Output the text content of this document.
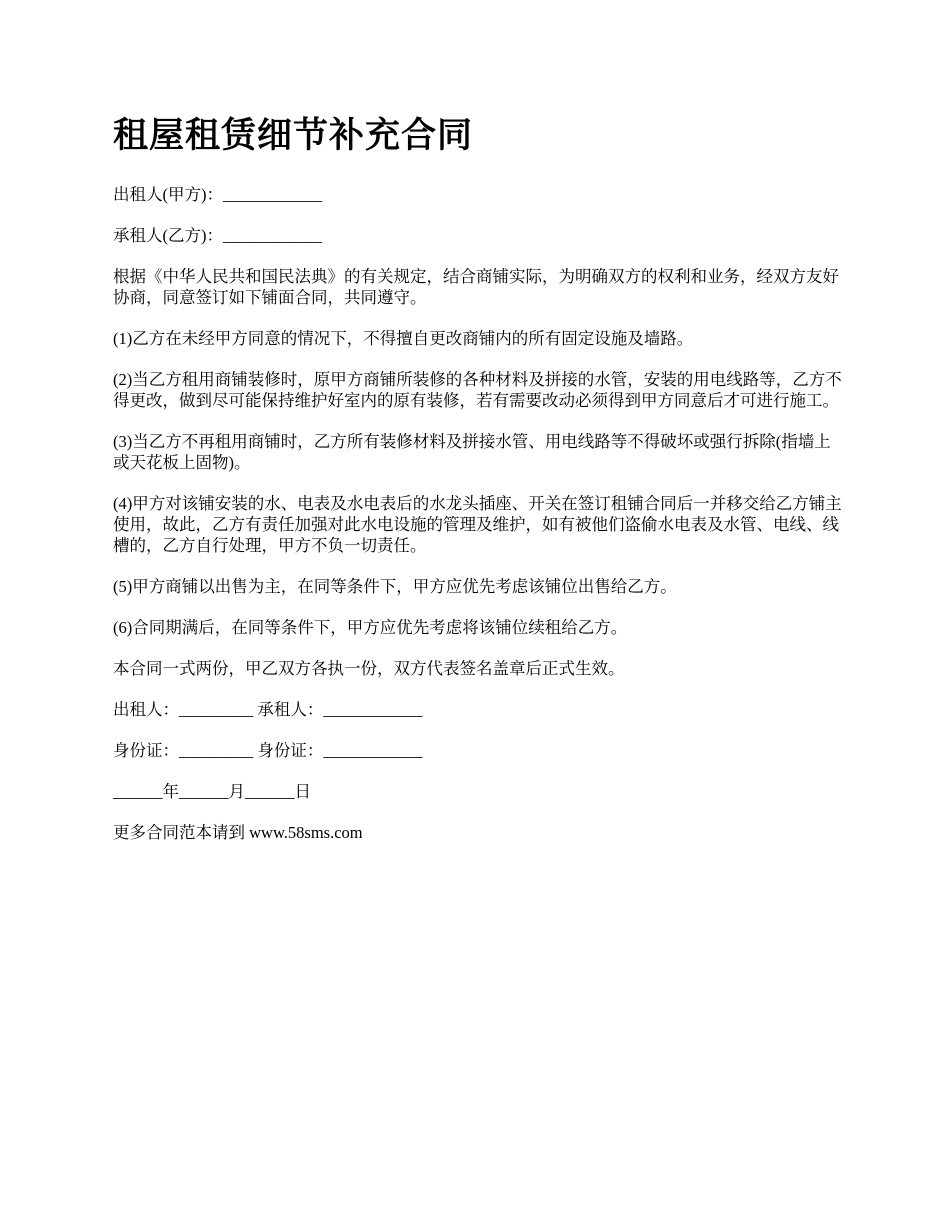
租屋租赁细节补充合同

出租人(甲方)：____________

承租人(乙方)：____________

根据《中华人民共和国民法典》的有关规定，结合商铺实际，为明确双方的权利和业务，经双方友好协商，同意签订如下铺面合同，共同遵守。

(1)乙方在未经甲方同意的情况下，不得擅自更改商铺内的所有固定设施及墙路。

(2)当乙方租用商铺装修时，原甲方商铺所装修的各种材料及拼接的水管，安装的用电线路等，乙方不得更改，做到尽可能保持维护好室内的原有装修，若有需要改动必须得到甲方同意后才可进行施工。

(3)当乙方不再租用商铺时，乙方所有装修材料及拼接水管、用电线路等不得破坏或强行拆除(指墙上或天花板上固物)。

(4)甲方对该铺安装的水、电表及水电表后的水龙头插座、开关在签订租铺合同后一并移交给乙方铺主使用，故此，乙方有责任加强对此水电设施的管理及维护，如有被他们盗偷水电表及水管、电线、线槽的，乙方自行处理，甲方不负一切责任。

(5)甲方商铺以出售为主，在同等条件下，甲方应优先考虑该铺位出售给乙方。

(6)合同期满后，在同等条件下，甲方应优先考虑将该铺位续租给乙方。

本合同一式两份，甲乙双方各执一份，双方代表签名盖章后正式生效。

出租人：_________ 承租人：____________

身份证：_________ 身份证：____________

______年______月______日

更多合同范本请到 www.58sms.com
